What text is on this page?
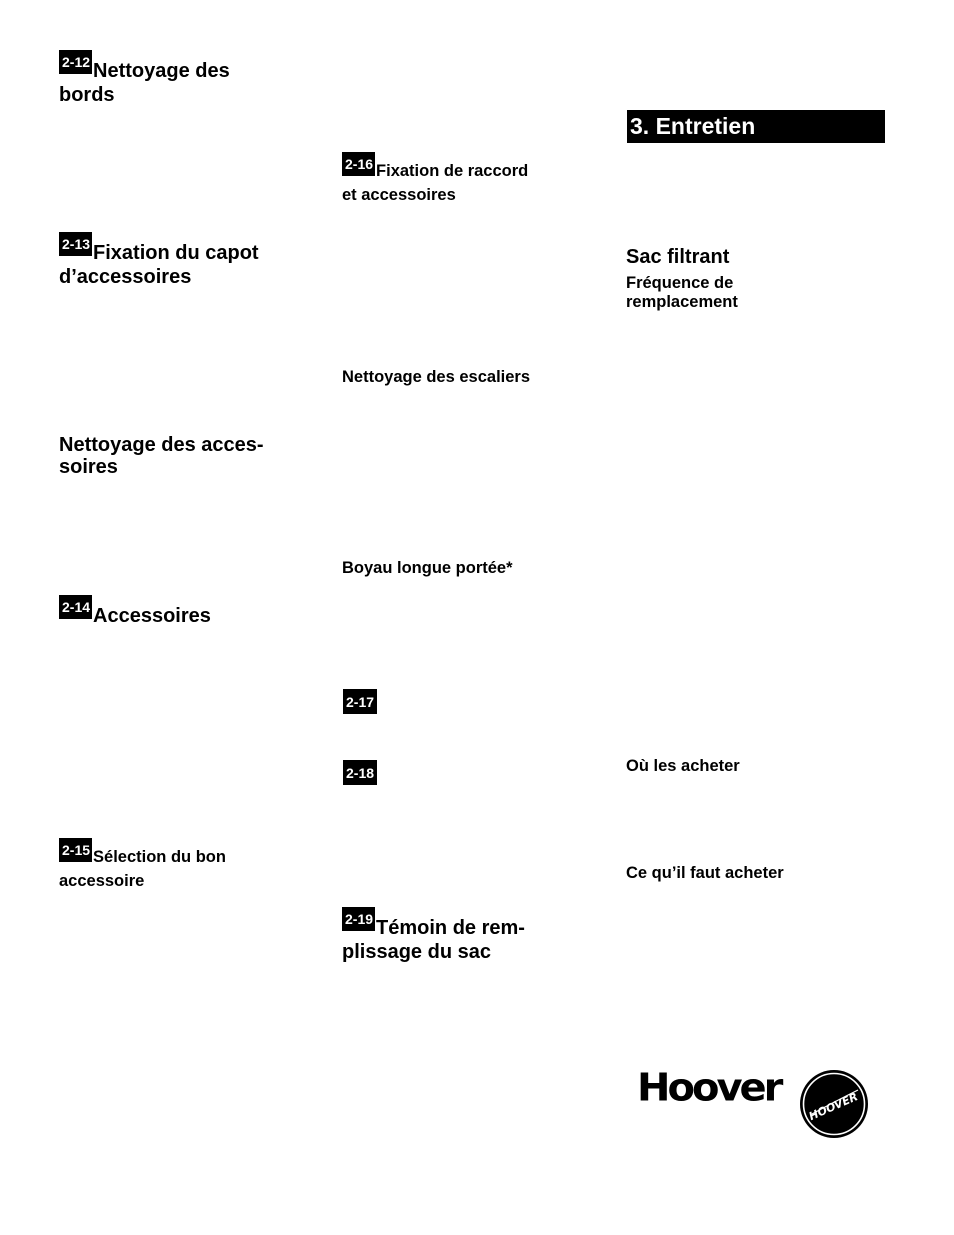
2-12 Nettoyage des
bords
2-13 Fixation du capot
d’accessoires
Nettoyage des acces-
soires
2-14 Accessoires
2-15 Sélection du bon
accessoire
2-16 Fixation de raccord
et accessoires
Nettoyage des escaliers
Boyau longue portée*
2-17
2-18
2-19 Témoin de rem-
plissage du sac
3. Entretien
Sac filtrant
Fréquence de
remplacement
Où les acheter
Ce qu’il faut acheter
Hoover HOOVER
